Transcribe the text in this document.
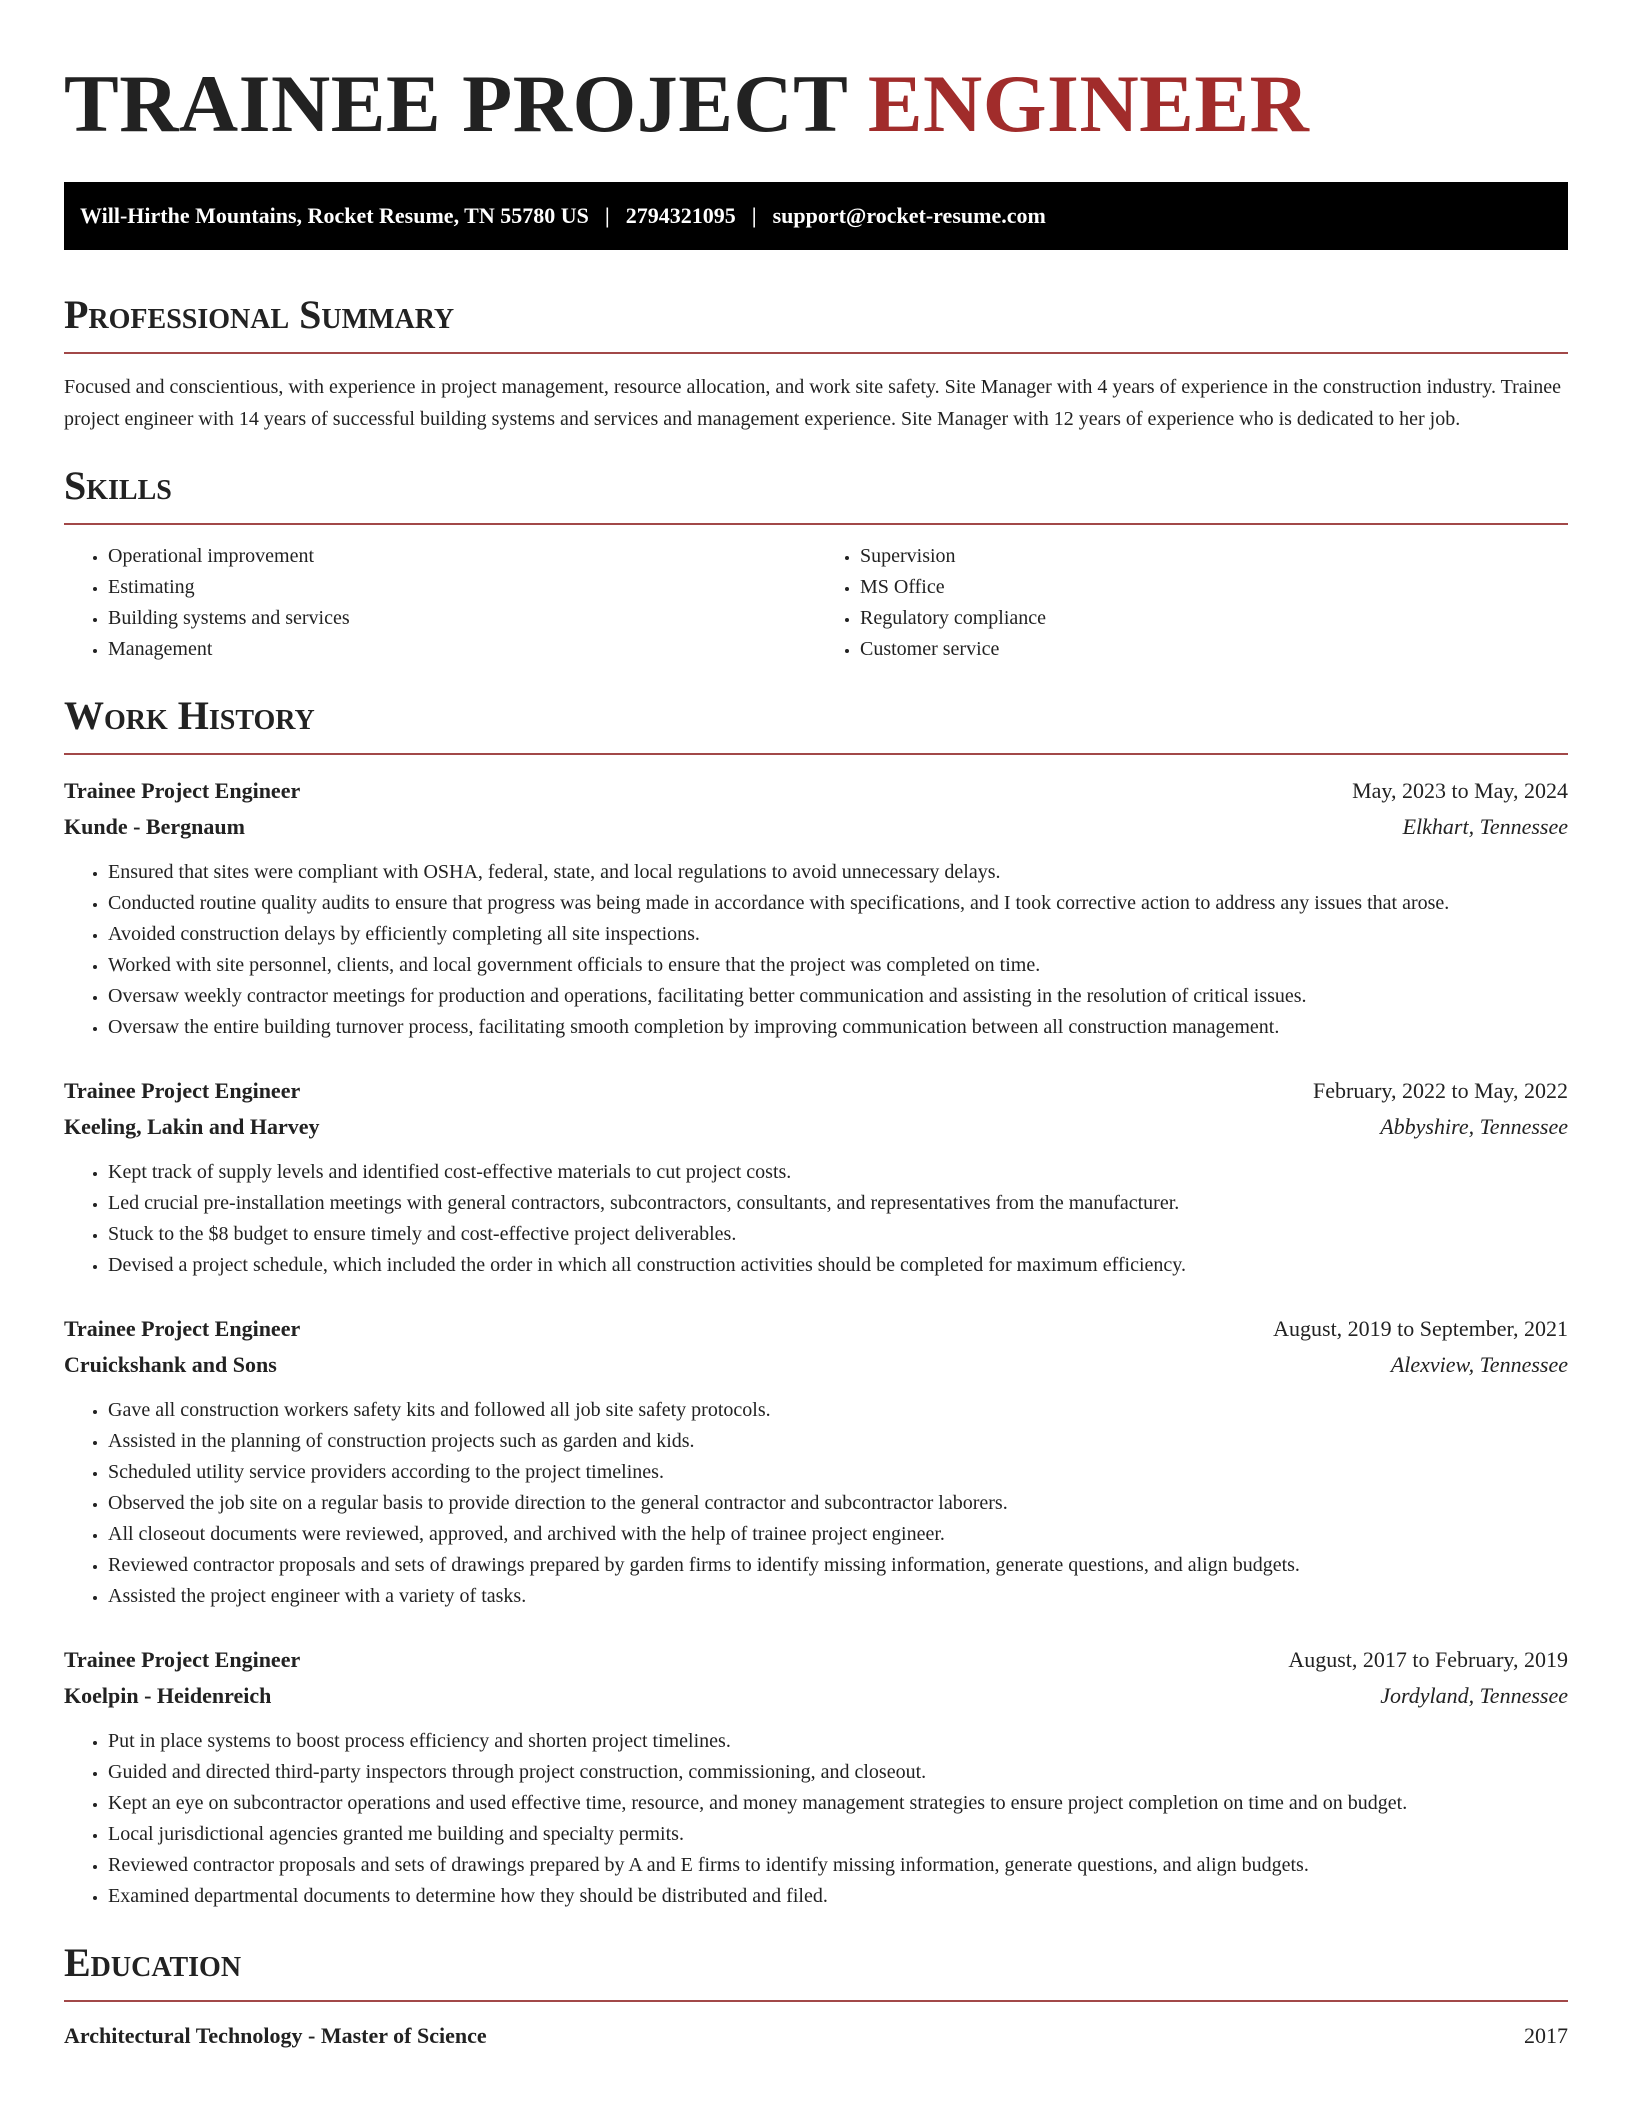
TRAINEE PROJECT ENGINEER
Will-Hirthe Mountains, Rocket Resume, TN 55780 US | 2794321095 | support@rocket-resume.com
Professional Summary

Focused and conscientious, with experience in project management, resource allocation, and work site safety. Site Manager with 4 years of experience in the construction industry. Trainee project engineer with 14 years of successful building systems and services and management experience. Site Manager with 12 years of experience who is dedicated to her job.

Skills
• Operational improvement
• Estimating
• Building systems and services
• Management
• Supervision
• MS Office
• Regulatory compliance
• Customer service
Work History
Trainee Project Engineer	May, 2023 to May, 2024
Kunde - Bergnaum	Elkhart, Tennessee
• Ensured that sites were compliant with OSHA, federal, state, and local regulations to avoid unnecessary delays.
• Conducted routine quality audits to ensure that progress was being made in accordance with specifications, and I took corrective action to address any issues that arose.
• Avoided construction delays by efficiently completing all site inspections.
• Worked with site personnel, clients, and local government officials to ensure that the project was completed on time.
• Oversaw weekly contractor meetings for production and operations, facilitating better communication and assisting in the resolution of critical issues.
• Oversaw the entire building turnover process, facilitating smooth completion by improving communication between all construction management.
Trainee Project Engineer	February, 2022 to May, 2022
Keeling, Lakin and Harvey	Abbyshire, Tennessee
• Kept track of supply levels and identified cost-effective materials to cut project costs.
• Led crucial pre-installation meetings with general contractors, subcontractors, consultants, and representatives from the manufacturer.
• Stuck to the $8 budget to ensure timely and cost-effective project deliverables.
• Devised a project schedule, which included the order in which all construction activities should be completed for maximum efficiency.
Trainee Project Engineer	August, 2019 to September, 2021
Cruickshank and Sons	Alexview, Tennessee
• Gave all construction workers safety kits and followed all job site safety protocols.
• Assisted in the planning of construction projects such as garden and kids.
• Scheduled utility service providers according to the project timelines.
• Observed the job site on a regular basis to provide direction to the general contractor and subcontractor laborers.
• All closeout documents were reviewed, approved, and archived with the help of trainee project engineer.
• Reviewed contractor proposals and sets of drawings prepared by garden firms to identify missing information, generate questions, and align budgets.
• Assisted the project engineer with a variety of tasks.
Trainee Project Engineer	August, 2017 to February, 2019
Koelpin - Heidenreich	Jordyland, Tennessee
• Put in place systems to boost process efficiency and shorten project timelines.
• Guided and directed third-party inspectors through project construction, commissioning, and closeout.
• Kept an eye on subcontractor operations and used effective time, resource, and money management strategies to ensure project completion on time and on budget.
• Local jurisdictional agencies granted me building and specialty permits.
• Reviewed contractor proposals and sets of drawings prepared by A and E firms to identify missing information, generate questions, and align budgets.
• Examined departmental documents to determine how they should be distributed and filed.
Education
Architectural Technology - Master of Science	2017
